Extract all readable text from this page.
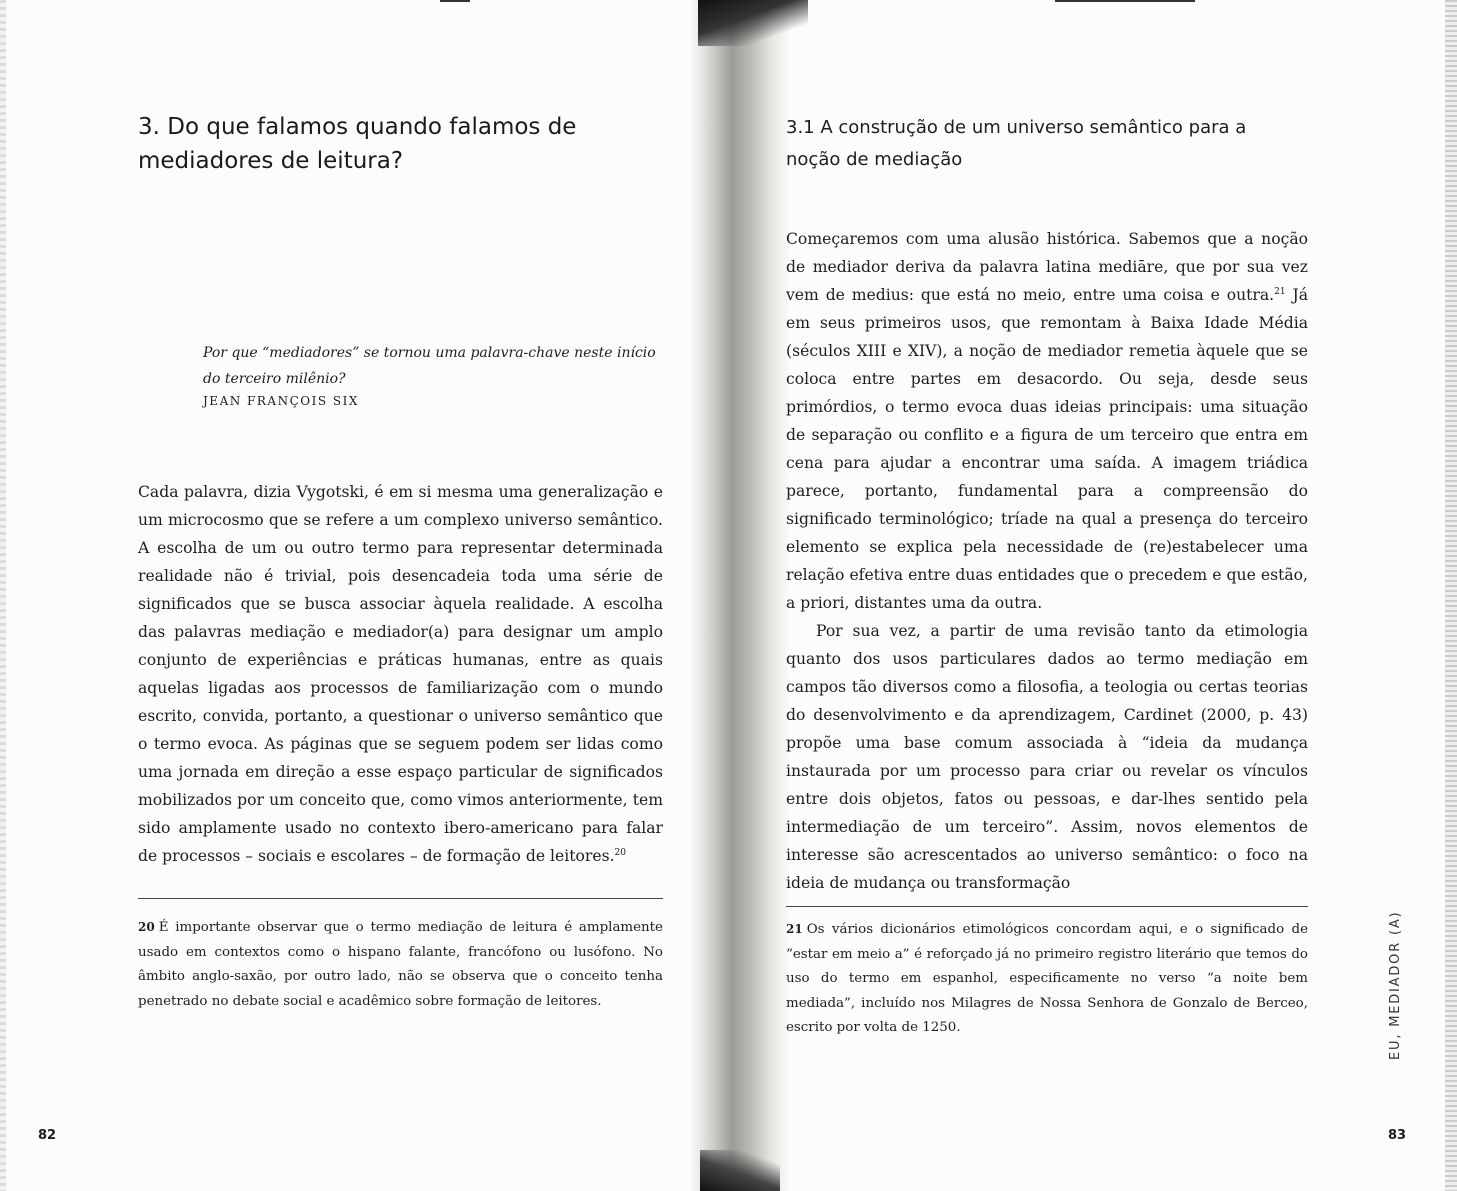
3. Do que falamos quando falamos de mediadores de leitura?

Por que “mediadores” se tornou uma palavra-chave neste início do terceiro milênio?

JEAN FRANÇOIS SIX

Cada palavra, dizia Vygotski, é em si mesma uma generalização e um microcosmo que se refere a um complexo universo semântico. A escolha de um ou outro termo para representar determinada realidade não é trivial, pois desencadeia toda uma série de significados que se busca associar àquela realidade. A escolha das palavras mediação e mediador(a) para designar um amplo conjunto de experiências e práticas humanas, entre as quais aquelas ligadas aos processos de familiarização com o mundo escrito, convida, portanto, a questionar o universo semântico que o termo evoca. As páginas que se seguem podem ser lidas como uma jornada em direção a esse espaço particular de significados mobilizados por um conceito que, como vimos anteriormente, tem sido amplamente usado no contexto ibero-americano para falar de processos – sociais e escolares – de formação de leitores.$^{20}$

20 É importante observar que o termo mediação de leitura é amplamente usado em contextos como o hispano falante, francófono ou lusófono. No âmbito anglo-saxão, por outro lado, não se observa que o conceito tenha penetrado no debate social e acadêmico sobre formação de leitores.

82
3.1 A construção de um universo semântico para a noção de mediação

Começaremos com uma alusão histórica. Sabemos que a noção de mediador deriva da palavra latina mediāre, que por sua vez vem de medius: que está no meio, entre uma coisa e outra.$^{21}$ Já em seus primeiros usos, que remontam à Baixa Idade Média (séculos XIII e XIV), a noção de mediador remetia àquele que se coloca entre partes em desacordo. Ou seja, desde seus primórdios, o termo evoca duas ideias principais: uma situação de separação ou conflito e a figura de um terceiro que entra em cena para ajudar a encontrar uma saída. A imagem triádica parece, portanto, fundamental para a compreensão do significado terminológico; tríade na qual a presença do terceiro elemento se explica pela necessidade de (re)estabelecer uma relação efetiva entre duas entidades que o precedem e que estão, a priori, distantes uma da outra.

Por sua vez, a partir de uma revisão tanto da etimologia quanto dos usos particulares dados ao termo mediação em campos tão diversos como a filosofia, a teologia ou certas teorias do desenvolvimento e da aprendizagem, Cardinet (2000, p. 43) propõe uma base comum associada à “ideia da mudança instaurada por um processo para criar ou revelar os vínculos entre dois objetos, fatos ou pessoas, e dar-lhes sentido pela intermediação de um terceiro”. Assim, novos elementos de interesse são acrescentados ao universo semântico: o foco na ideia de mudança ou transformação

21 Os vários dicionários etimológicos concordam aqui, e o significado de “estar em meio a” é reforçado já no primeiro registro literário que temos do uso do termo em espanhol, especificamente no verso “a noite bem mediada”, incluído nos Milagres de Nossa Senhora de Gonzalo de Berceo, escrito por volta de 1250.	EU, MEDIADOR (A)
83
